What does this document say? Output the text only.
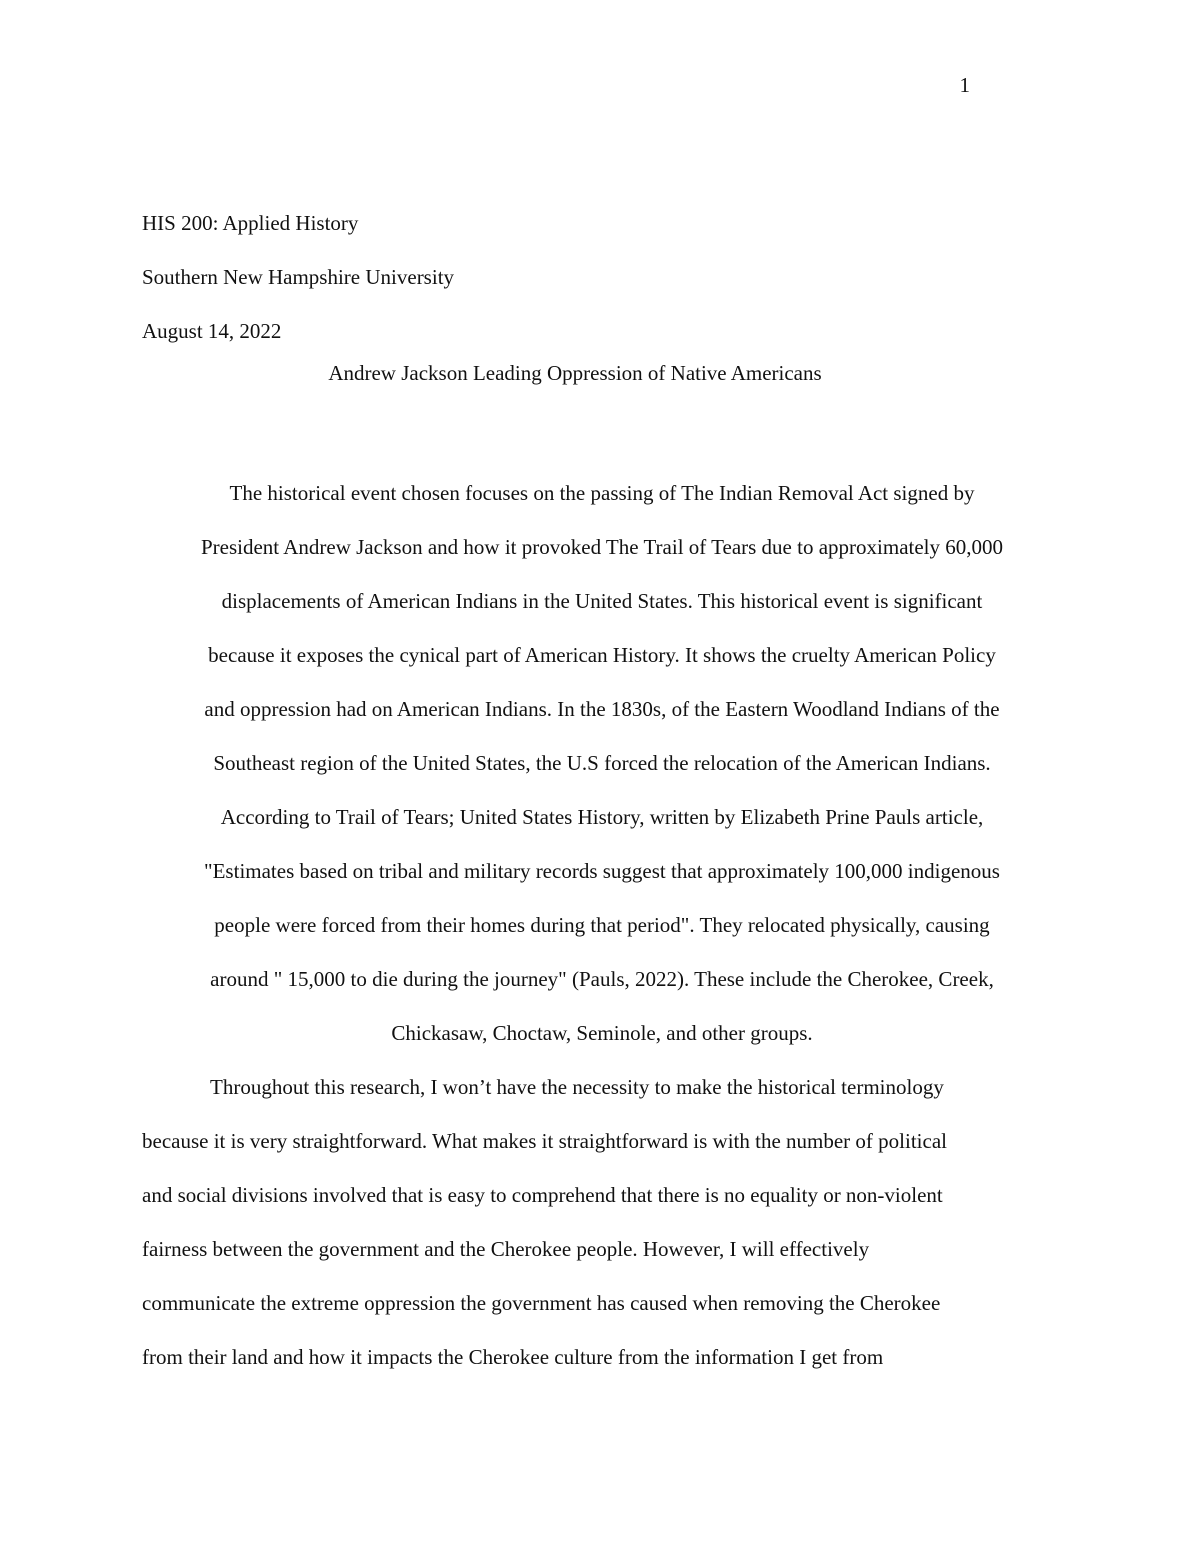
1
HIS 200: Applied History
Southern New Hampshire University
August 14, 2022
Andrew Jackson Leading Oppression of Native Americans
The historical event chosen focuses on the passing of The Indian Removal Act signed by
President Andrew Jackson and how it provoked The Trail of Tears due to approximately 60,000
displacements of American Indians in the United States. This historical event is significant
because it exposes the cynical part of American History. It shows the cruelty American Policy
and oppression had on American Indians. In the 1830s, of the Eastern Woodland Indians of the
Southeast region of the United States, the U.S forced the relocation of the American Indians.
According to Trail of Tears; United States History, written by Elizabeth Prine Pauls article,
"Estimates based on tribal and military records suggest that approximately 100,000 indigenous
people were forced from their homes during that period". They relocated physically, causing
around " 15,000 to die during the journey" (Pauls, 2022). These include the Cherokee, Creek,
Chickasaw, Choctaw, Seminole, and other groups.
Throughout this research, I won’t have the necessity to make the historical terminology
because it is very straightforward. What makes it straightforward is with the number of political
and social divisions involved that is easy to comprehend that there is no equality or non-violent
fairness between the government and the Cherokee people. However, I will effectively
communicate the extreme oppression the government has caused when removing the Cherokee
from their land and how it impacts the Cherokee culture from the information I get from
